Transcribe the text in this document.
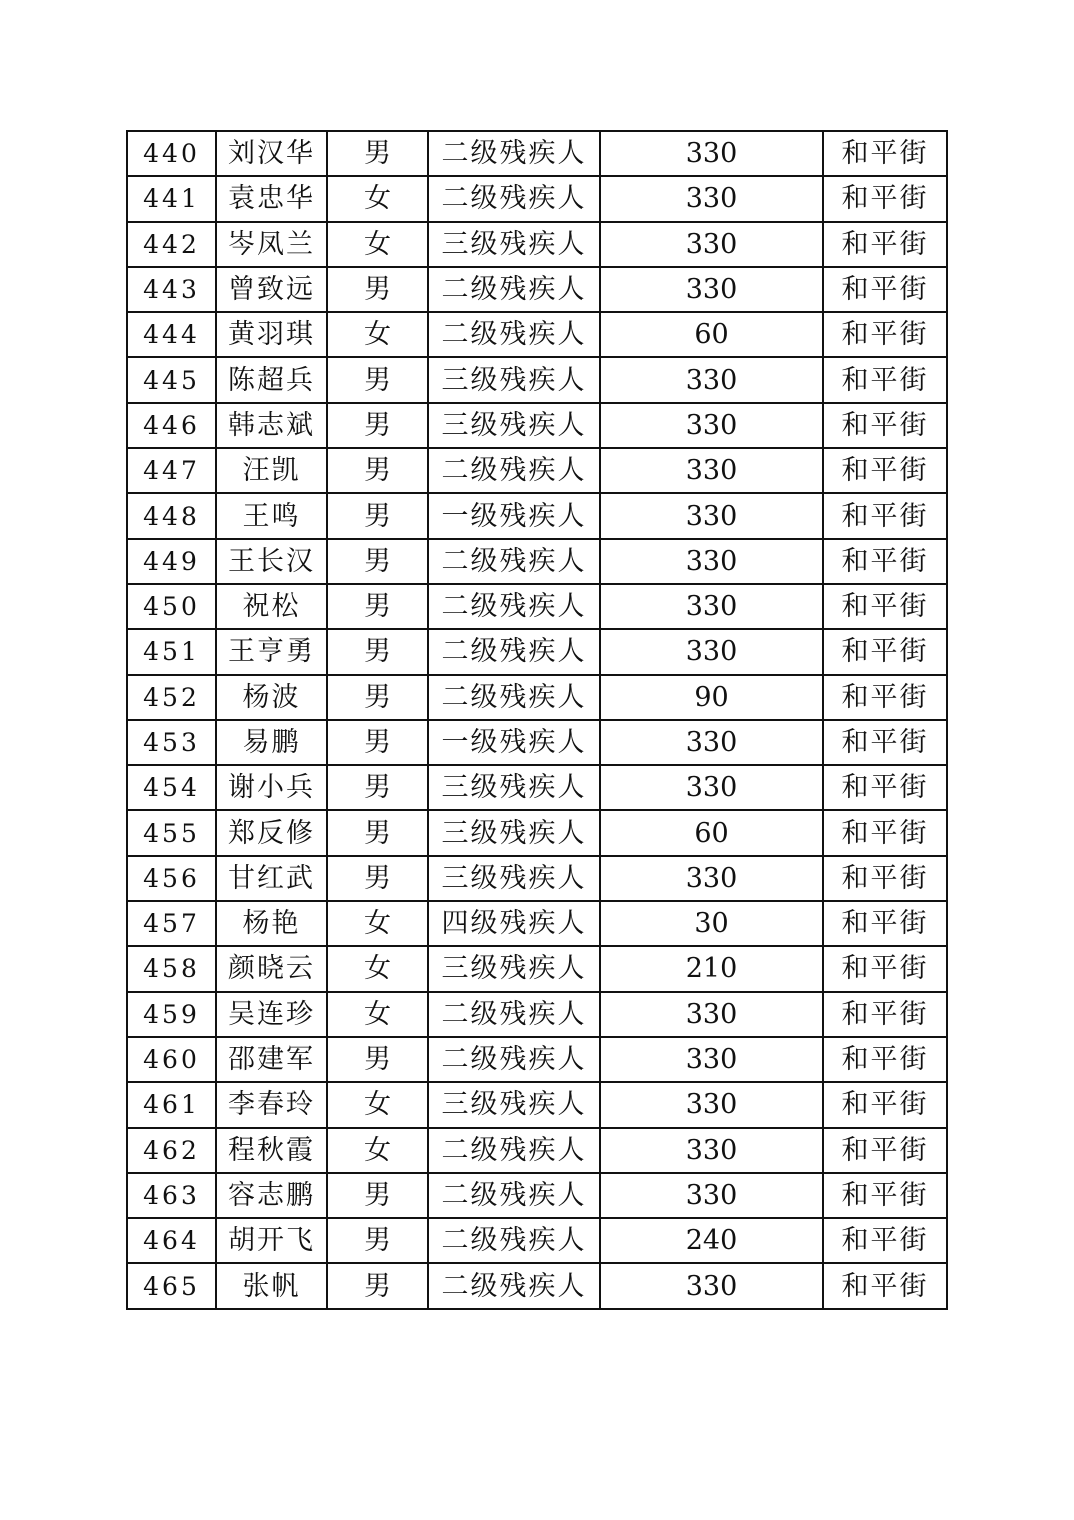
440	刘汉华	男	二级残疾人	330	和平街
441	袁忠华	女	二级残疾人	330	和平街
442	岑凤兰	女	三级残疾人	330	和平街
443	曾致远	男	二级残疾人	330	和平街
444	黄羽琪	女	二级残疾人	60	和平街
445	陈超兵	男	三级残疾人	330	和平街
446	韩志斌	男	三级残疾人	330	和平街
447	汪凯	男	二级残疾人	330	和平街
448	王鸣	男	一级残疾人	330	和平街
449	王长汉	男	二级残疾人	330	和平街
450	祝松	男	二级残疾人	330	和平街
451	王亨勇	男	二级残疾人	330	和平街
452	杨波	男	二级残疾人	90	和平街
453	易鹏	男	一级残疾人	330	和平街
454	谢小兵	男	三级残疾人	330	和平街
455	郑反修	男	三级残疾人	60	和平街
456	甘红武	男	三级残疾人	330	和平街
457	杨艳	女	四级残疾人	30	和平街
458	颜晓云	女	三级残疾人	210	和平街
459	吴连珍	女	二级残疾人	330	和平街
460	邵建军	男	二级残疾人	330	和平街
461	李春玲	女	三级残疾人	330	和平街
462	程秋霞	女	二级残疾人	330	和平街
463	容志鹏	男	二级残疾人	330	和平街
464	胡开飞	男	二级残疾人	240	和平街
465	张帆	男	二级残疾人	330	和平街
